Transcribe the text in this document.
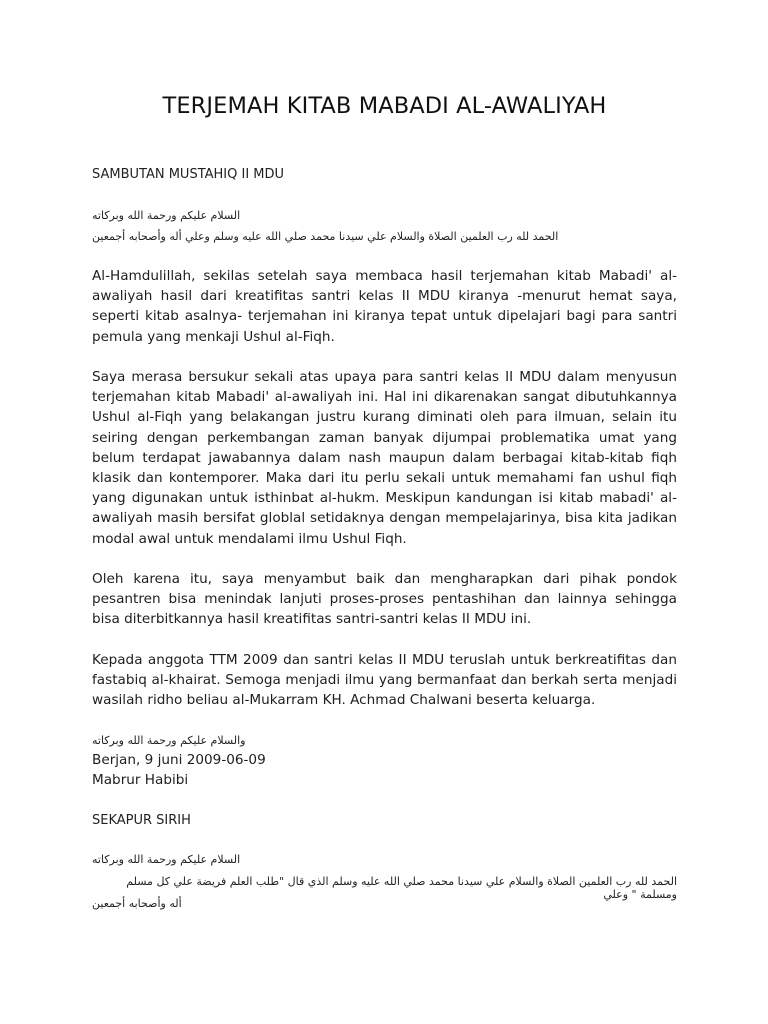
TERJEMAH KITAB MABADI AL-AWALIYAH
SAMBUTAN MUSTAHIQ II MDU
السلام عليكم ورحمة الله وبركاته
الحمد لله رب العلمين الصلاة والسلام علي سيدنا محمد صلي الله عليه وسلم وعلي أله وأصحابه أجمعين

Al-Hamdulillah, sekilas setelah saya membaca hasil terjemahan kitab Mabadi' al-awaliyah hasil dari kreatifitas santri kelas II MDU kiranya -menurut hemat saya, seperti kitab asalnya- terjemahan ini kiranya tepat untuk dipelajari bagi para santri pemula yang menkaji Ushul al-Fiqh.

Saya merasa bersukur sekali atas upaya para santri kelas II MDU dalam menyusun terjemahan kitab Mabadi' al-awaliyah ini. Hal ini dikarenakan sangat dibutuhkannya Ushul al-Fiqh yang belakangan justru kurang diminati oleh para ilmuan, selain itu seiring dengan perkembangan zaman banyak dijumpai problematika umat yang belum terdapat jawabannya dalam nash maupun dalam berbagai kitab-kitab fiqh klasik dan kontemporer. Maka dari itu perlu sekali untuk memahami fan ushul fiqh yang digunakan untuk isthinbat al-hukm. Meskipun kandungan isi kitab mabadi' al-awaliyah masih bersifat globlal setidaknya dengan mempelajarinya, bisa kita jadikan modal awal untuk mendalami ilmu Ushul Fiqh.

Oleh karena itu, saya menyambut baik dan mengharapkan dari pihak pondok pesantren bisa menindak lanjuti proses-proses pentashihan dan lainnya sehingga bisa diterbitkannya hasil kreatifitas santri-santri kelas II MDU ini.

Kepada anggota TTM 2009 dan santri kelas II MDU teruslah untuk berkreatifitas dan fastabiq al-khairat. Semoga menjadi ilmu yang bermanfaat dan berkah serta menjadi wasilah ridho beliau al-Mukarram KH. Achmad Chalwani beserta keluarga.

والسلام عليكم ورحمة الله وبركاته
Berjan, 9 juni 2009-06-09
Mabrur Habibi
SEKAPUR SIRIH
السلام عليكم ورحمة الله وبركاته
الحمد لله رب العلمين الصلاة والسلام علي سيدنا محمد صلي الله عليه وسلم الذي قال "طلب العلم فريضة علي كل مسلم ومسلمة " وعلي
أله وأصحابه أجمعين
